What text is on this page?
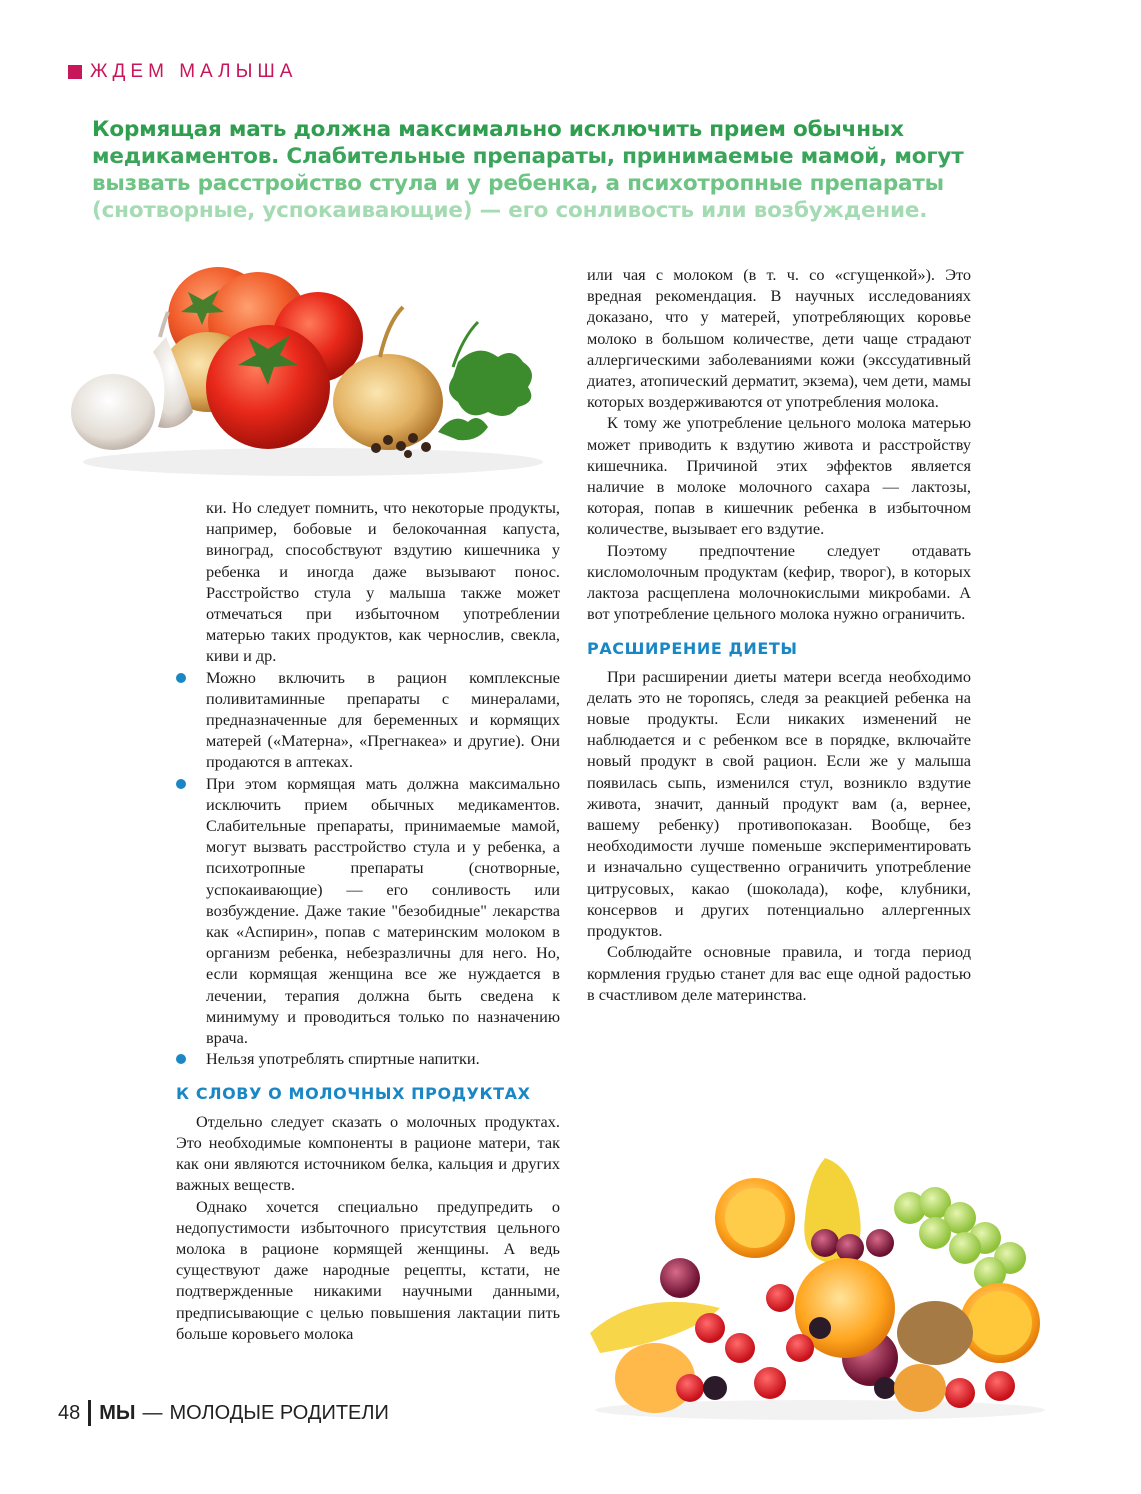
ЖДЕМ МАЛЫША
Кормящая мать должна максимально исключить прием обычных
медикаментов. Слабительные препараты, принимаемые мамой, могут
вызвать расстройство стула и у ребенка, а психотропные препараты
(снотворные, успокаивающие) — его сонливость или возбуждение.

ки. Но следует помнить, что некоторые продукты, например, бобовые и белокочанная капуста, виноград, способствуют вздутию кишечника у ребенка и иногда даже вызывают понос. Расстройство стула у малыша также может отмечаться при избыточном употреблении матерью таких продуктов, как чернослив, свекла, киви и др.

Можно включить в рацион комплексные поливитаминные препараты с минералами, предназначенные для беременных и кормящих матерей («Матерна», «Прегнакеа» и другие). Они продаются в аптеках.
При этом кормящая мать должна максимально исключить прием обычных медикаментов. Слабительные препараты, принимаемые мамой, могут вызвать расстройство стула и у ребенка, а психотропные препараты (снотворные, успокаивающие) — его сонливость или возбуждение. Даже такие "безобидные" лекарства как «Аспирин», попав с материнским молоком в организм ребенка, небезразличны для него. Но, если кормящая женщина все же нуждается в лечении, терапия должна быть сведена к минимуму и проводиться только по назначению врача.
Нельзя употреблять спиртные напитки.
К СЛОВУ О МОЛОЧНЫХ ПРОДУКТАХ

Отдельно следует сказать о молочных продуктах. Это необходимые компоненты в рационе матери, так как они являются источником белка, кальция и других важных веществ.

Однако хочется специально предупредить о недопустимости избыточного присутствия цельного молока в рационе кормящей женщины. А ведь существуют даже народные рецепты, кстати, не подтвержденные никакими научными данными, предписывающие с целью повышения лактации пить больше коровьего молока

или чая с молоком (в т. ч. со «сгущенкой»). Это вредная рекомендация. В научных исследованиях доказано, что у матерей, употребляющих коровье молоко в большом количестве, дети чаще страдают аллергическими заболеваниями кожи (экссудативный диатез, атопический дерматит, экзема), чем дети, мамы которых воздерживаются от употребления молока.

К тому же употребление цельного молока матерью может приводить к вздутию живота и расстройству кишечника. Причиной этих эффектов является наличие в молоке молочного сахара — лактозы, которая, попав в кишечник ребенка в избыточном количестве, вызывает его вздутие.

Поэтому предпочтение следует отдавать кисломолочным продуктам (кефир, творог), в которых лактоза расщеплена молочнокислыми микробами. А вот употребление цельного молока нужно ограничить.

РАСШИРЕНИЕ ДИЕТЫ

При расширении диеты матери всегда необходимо делать это не торопясь, следя за реакцией ребенка на новые продукты. Если никаких изменений не наблюдается и с ребенком все в порядке, включайте новый продукт в свой рацион. Если же у малыша появилась сыпь, изменился стул, возникло вздутие живота, значит, данный продукт вам (а, вернее, вашему ребенку) противопоказан. Вообще, без необходимости лучше поменьше экспериментировать и изначально существенно ограничить употребление цитрусовых, какао (шоколада), кофе, клубники, консервов и других потенциально аллергенных продуктов.

Соблюдайте основные правила, и тогда период кормления грудью станет для вас еще одной радостью в счастливом деле материнства.

48 МЫ — МОЛОДЫЕ РОДИТЕЛИ
